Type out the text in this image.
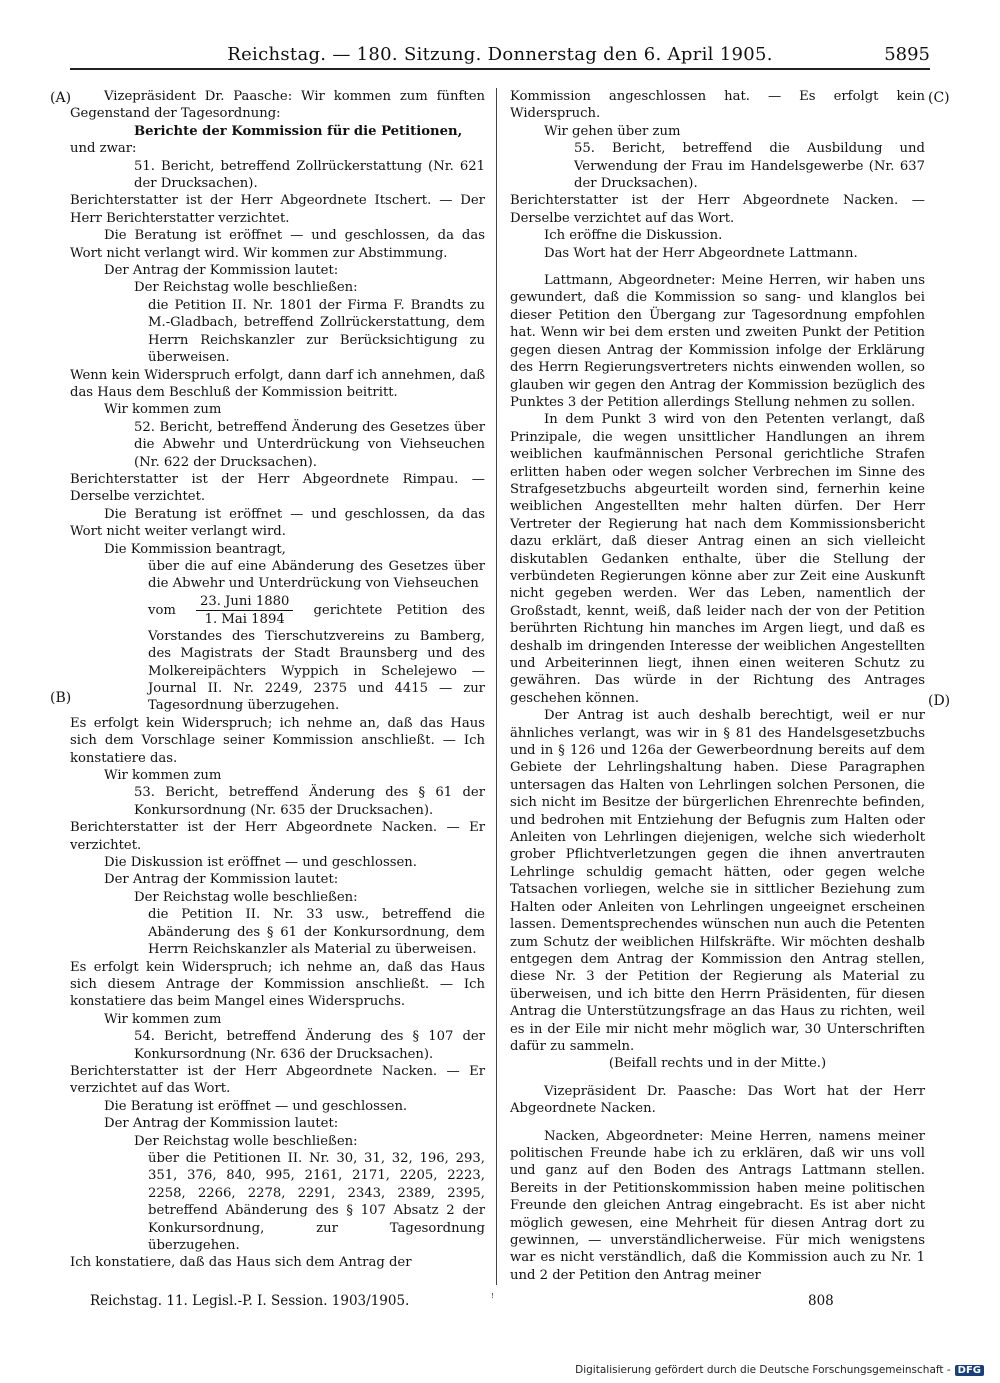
Reichstag. — 180. Sitzung. Donnerstag den 6. April 1905.	5895
(A)
(B)
(C)
(D)

Vizepräsident Dr. Paasche: Wir kommen zum fünften Gegenstand der Tagesordnung:

Berichte der Kommission für die Petitionen,

und zwar:

51. Bericht, betreffend Zollrückerstattung (Nr. 621 der Drucksachen).

Berichterstatter ist der Herr Abgeordnete Itschert. — Der Herr Berichterstatter verzichtet.

Die Beratung ist eröffnet — und geschlossen, da das Wort nicht verlangt wird. Wir kommen zur Abstimmung.

Der Antrag der Kommission lautet:

Der Reichstag wolle beschließen:

die Petition II. Nr. 1801 der Firma F. Brandts zu M.-Gladbach, betreffend Zollrückerstattung, dem Herrn Reichskanzler zur Berücksichtigung zu überweisen.

Wenn kein Widerspruch erfolgt, dann darf ich annehmen, daß das Haus dem Beschluß der Kommission beitritt.

Wir kommen zum

52. Bericht, betreffend Änderung des Gesetzes über die Abwehr und Unterdrückung von Viehseuchen (Nr. 622 der Drucksachen).

Berichterstatter ist der Herr Abgeordnete Rimpau. — Derselbe verzichtet.

Die Beratung ist eröffnet — und geschlossen, da das Wort nicht weiter verlangt wird.

Die Kommission beantragt,

über die auf eine Abänderung des Gesetzes über die Abwehr und Unterdrückung von Viehseuchen

vom $\frac{\text{23. Juni 1880}}{\text{1. Mai 1894}}$ gerichtete Petition des Vorstandes des Tierschutzvereins zu Bamberg, des Magistrats der Stadt Braunsberg und des Molkereipächters Wyppich in Schelejewo — Journal II. Nr. 2249, 2375 und 4415 — zur Tagesordnung überzugehen.

Es erfolgt kein Widerspruch; ich nehme an, daß das Haus sich dem Vorschlage seiner Kommission anschließt. — Ich konstatiere das.

Wir kommen zum

53. Bericht, betreffend Änderung des § 61 der Konkursordnung (Nr. 635 der Drucksachen).

Berichterstatter ist der Herr Abgeordnete Nacken. — Er verzichtet.

Die Diskussion ist eröffnet — und geschlossen.

Der Antrag der Kommission lautet:

Der Reichstag wolle beschließen:

die Petition II. Nr. 33 usw., betreffend die Abänderung des § 61 der Konkursordnung, dem Herrn Reichskanzler als Material zu überweisen.

Es erfolgt kein Widerspruch; ich nehme an, daß das Haus sich diesem Antrage der Kommission anschließt. — Ich konstatiere das beim Mangel eines Widerspruchs.

Wir kommen zum

54. Bericht, betreffend Änderung des § 107 der Konkursordnung (Nr. 636 der Drucksachen).

Berichterstatter ist der Herr Abgeordnete Nacken. — Er verzichtet auf das Wort.

Die Beratung ist eröffnet — und geschlossen.

Der Antrag der Kommission lautet:

Der Reichstag wolle beschließen:

über die Petitionen II. Nr. 30, 31, 32, 196, 293, 351, 376, 840, 995, 2161, 2171, 2205, 2223, 2258, 2266, 2278, 2291, 2343, 2389, 2395, betreffend Abänderung des § 107 Absatz 2 der Konkursordnung, zur Tagesordnung überzugehen.

Ich konstatiere, daß das Haus sich dem Antrag der

Kommission angeschlossen hat. — Es erfolgt kein Widerspruch.

Wir gehen über zum

55. Bericht, betreffend die Ausbildung und Verwendung der Frau im Handelsgewerbe (Nr. 637 der Drucksachen).

Berichterstatter ist der Herr Abgeordnete Nacken. — Derselbe verzichtet auf das Wort.

Ich eröffne die Diskussion.

Das Wort hat der Herr Abgeordnete Lattmann.

Lattmann, Abgeordneter: Meine Herren, wir haben uns gewundert, daß die Kommission so sang- und klanglos bei dieser Petition den Übergang zur Tagesordnung empfohlen hat. Wenn wir bei dem ersten und zweiten Punkt der Petition gegen diesen Antrag der Kommission infolge der Erklärung des Herrn Regierungsvertreters nichts einwenden wollen, so glauben wir gegen den Antrag der Kommission bezüglich des Punktes 3 der Petition allerdings Stellung nehmen zu sollen.

In dem Punkt 3 wird von den Petenten verlangt, daß Prinzipale, die wegen unsittlicher Handlungen an ihrem weiblichen kaufmännischen Personal gerichtliche Strafen erlitten haben oder wegen solcher Verbrechen im Sinne des Strafgesetzbuchs abgeurteilt worden sind, fernerhin keine weiblichen Angestellten mehr halten dürfen. Der Herr Vertreter der Regierung hat nach dem Kommissionsbericht dazu erklärt, daß dieser Antrag einen an sich vielleicht diskutablen Gedanken enthalte, über die Stellung der verbündeten Regierungen könne aber zur Zeit eine Auskunft nicht gegeben werden. Wer das Leben, namentlich der Großstadt, kennt, weiß, daß leider nach der von der Petition berührten Richtung hin manches im Argen liegt, und daß es deshalb im dringenden Interesse der weiblichen Angestellten und Arbeiterinnen liegt, ihnen einen weiteren Schutz zu gewähren. Das würde in der Richtung des Antrages geschehen können.

Der Antrag ist auch deshalb berechtigt, weil er nur ähnliches verlangt, was wir in § 81 des Handelsgesetzbuchs und in § 126 und 126a der Gewerbeordnung bereits auf dem Gebiete der Lehrlingshaltung haben. Diese Paragraphen untersagen das Halten von Lehrlingen solchen Personen, die sich nicht im Besitze der bürgerlichen Ehrenrechte befinden, und bedrohen mit Entziehung der Befugnis zum Halten oder Anleiten von Lehrlingen diejenigen, welche sich wiederholt grober Pflichtverletzungen gegen die ihnen anvertrauten Lehrlinge schuldig gemacht hätten, oder gegen welche Tatsachen vorliegen, welche sie in sittlicher Beziehung zum Halten oder Anleiten von Lehrlingen ungeeignet erscheinen lassen. Dementsprechendes wünschen nun auch die Petenten zum Schutz der weiblichen Hilfskräfte. Wir möchten deshalb entgegen dem Antrag der Kommission den Antrag stellen, diese Nr. 3 der Petition der Regierung als Material zu überweisen, und ich bitte den Herrn Präsidenten, für diesen Antrag die Unterstützungsfrage an das Haus zu richten, weil es in der Eile mir nicht mehr möglich war, 30 Unterschriften dafür zu sammeln.

(Beifall rechts und in der Mitte.)

Vizepräsident Dr. Paasche: Das Wort hat der Herr Abgeordnete Nacken.

Nacken, Abgeordneter: Meine Herren, namens meiner politischen Freunde habe ich zu erklären, daß wir uns voll und ganz auf den Boden des Antrags Lattmann stellen. Bereits in der Petitionskommission haben meine politischen Freunde den gleichen Antrag eingebracht. Es ist aber nicht möglich gewesen, eine Mehrheit für diesen Antrag dort zu gewinnen, — unverständlicherweise. Für mich wenigstens war es nicht verständlich, daß die Kommission auch zu Nr. 1 und 2 der Petition den Antrag meiner

Reichstag. 11. Legisl.-P. I. Session. 1903/1905.	ꜝ	808
Digitalisierung gefördert durch die Deutsche Forschungsgemeinschaft - DFG
